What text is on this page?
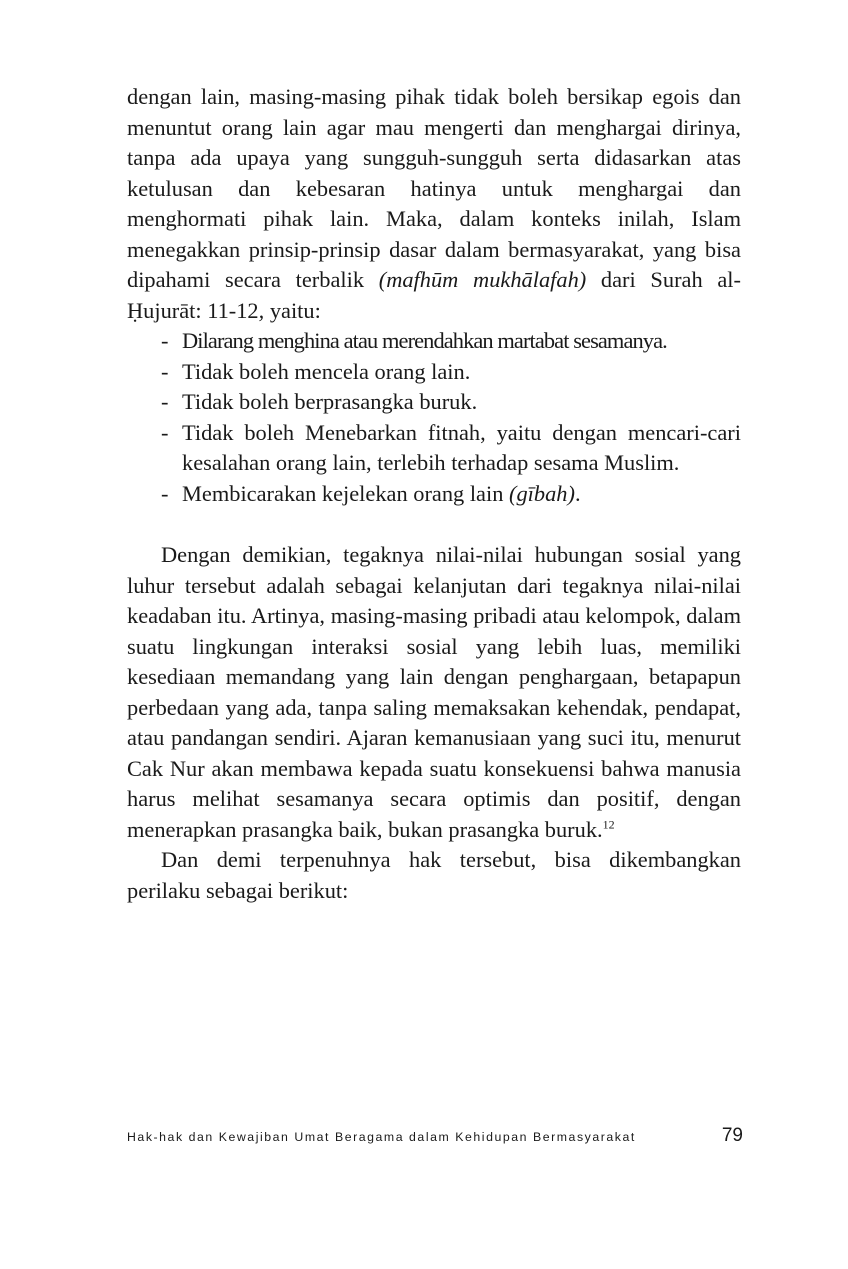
dengan lain, masing-masing pihak tidak boleh bersikap egois dan menuntut orang lain agar mau mengerti dan menghargai dirinya, tanpa ada upaya yang sungguh-sungguh serta didasarkan atas ketulusan dan kebesaran hatinya untuk menghargai dan menghormati pihak lain. Maka, dalam konteks inilah, Islam menegakkan prinsip-prinsip dasar dalam bermasyarakat, yang bisa dipahami secara terbalik (mafhūm mukhālafah) dari Surah al-Ḥujurāt: 11-12, yaitu:

- Dilarang menghina atau merendahkan martabat sesamanya.
- Tidak boleh mencela orang lain.
- Tidak boleh berprasangka buruk.
- Tidak boleh Menebarkan fitnah, yaitu dengan mencari-cari kesalahan orang lain, terlebih terhadap sesama Muslim.
- Membicarakan kejelekan orang lain (gībah).

Dengan demikian, tegaknya nilai-nilai hubungan sosial yang luhur tersebut adalah sebagai kelanjutan dari tegaknya nilai-nilai keadaban itu. Artinya, masing-masing pribadi atau kelompok, dalam suatu lingkungan interaksi sosial yang lebih luas, memiliki kesediaan memandang yang lain dengan penghargaan, betapapun perbedaan yang ada, tanpa saling memaksakan kehendak, pendapat, atau pandangan sendiri. Ajaran kemanusiaan yang suci itu, menurut Cak Nur akan membawa kepada suatu konsekuensi bahwa manusia harus melihat sesamanya secara optimis dan positif, dengan menerapkan prasangka baik, bukan prasangka buruk.$^{12}$

Dan demi terpenuhnya hak tersebut, bisa dikembangkan perilaku sebagai berikut:

Hak-hak dan Kewajiban Umat Beragama dalam Kehidupan Bermasyarakat	79
